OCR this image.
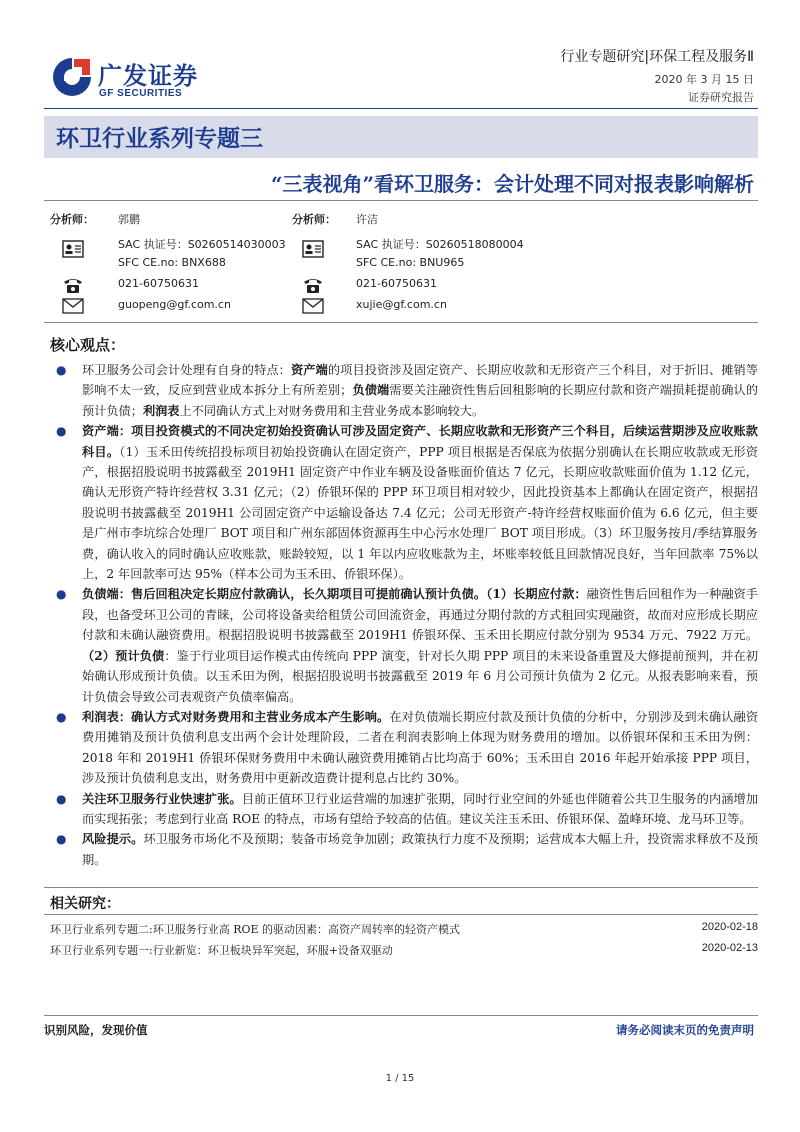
广发证券
GF SECURITIES
行业专题研究|环保工程及服务Ⅱ
2020 年 3 月 15 日
证券研究报告
环卫行业系列专题三
“三表视角”看环卫服务：会计处理不同对报表影响解析
分析师： 郭鹏
SAC 执证号：S0260514030003
SFC CE.no: BNX688
021-60750631
guopeng@gf.com.cn
分析师： 许洁
SAC 执证号：S0260518080004
SFC CE.no: BNU965
021-60750631
xujie@gf.com.cn
核心观点：
● 环卫服务公司会计处理有自身的特点：资产端的项目投资涉及固定资产、长期应收款和无形资产三个科目，对于折旧、摊销等影响不太一致，反应到营业成本拆分上有所差别；负债端需要关注融资性售后回租影响的长期应付款和资产端损耗提前确认的预计负债；利润表上不同确认方式上对财务费用和主营业务成本影响较大。
● 资产端：项目投资模式的不同决定初始投资确认可涉及固定资产、长期应收款和无形资产三个科目，后续运营期涉及应收账款科目。（1）玉禾田传统招投标项目初始投资确认在固定资产，PPP 项目根据是否保底为依据分别确认在长期应收款或无形资产，根据招股说明书披露截至 2019H1 固定资产中作业车辆及设备账面价值达 7 亿元，长期应收款账面价值为 1.12 亿元，确认无形资产特许经营权 3.31 亿元；（2）侨银环保的 PPP 环卫项目相对较少，因此投资基本上都确认在固定资产，根据招股说明书披露截至 2019H1 公司固定资产中运输设备达 7.4 亿元；公司无形资产-特许经营权账面价值为 6.6 亿元，但主要是广州市李坑综合处理厂 BOT 项目和广州东部固体资源再生中心污水处理厂 BOT 项目形成。（3）环卫服务按月/季结算服务费，确认收入的同时确认应收账款，账龄较短，以 1 年以内应收账款为主，坏账率较低且回款情况良好，当年回款率 75%以上，2 年回款率可达 95%（样本公司为玉禾田、侨银环保）。
● 负债端：售后回租决定长期应付款确认，长久期项目可提前确认预计负债。（1）长期应付款：融资性售后回租作为一种融资手段，也备受环卫公司的青睐，公司将设备卖给租赁公司回流资金，再通过分期付款的方式租回实现融资，故而对应形成长期应付款和未确认融资费用。根据招股说明书披露截至 2019H1 侨银环保、玉禾田长期应付款分别为 9534 万元、7922 万元。（2）预计负债：鉴于行业项目运作模式由传统向 PPP 演变，针对长久期 PPP 项目的未来设备重置及大修提前预判，并在初始确认形成预计负债。以玉禾田为例，根据招股说明书披露截至 2019 年 6 月公司预计负债为 2 亿元。从报表影响来看，预计负债会导致公司表观资产负债率偏高。
● 利润表：确认方式对财务费用和主营业务成本产生影响。在对负债端长期应付款及预计负债的分析中，分别涉及到未确认融资费用摊销及预计负债利息支出两个会计处理阶段，二者在利润表影响上体现为财务费用的增加。以侨银环保和玉禾田为例：2018 年和 2019H1 侨银环保财务费用中未确认融资费用摊销占比均高于 60%；玉禾田自 2016 年起开始承接 PPP 项目，涉及预计负债利息支出，财务费用中更新改造费计提利息占比约 30%。
● 关注环卫服务行业快速扩张。目前正值环卫行业运营端的加速扩张期，同时行业空间的外延也伴随着公共卫生服务的内涵增加而实现拓张；考虑到行业高 ROE 的特点，市场有望给予较高的估值。建议关注玉禾田、侨银环保、盈峰环境、龙马环卫等。
● 风险提示。环卫服务市场化不及预期；装备市场竞争加剧；政策执行力度不及预期；运营成本大幅上升，投资需求释放不及预期。
相关研究：
环卫行业系列专题二:环卫服务行业高 ROE 的驱动因素：高资产周转率的轻资产模式	2020-02-18
环卫行业系列专题一:行业新览：环卫板块异军突起，环服+设备双驱动	2020-02-13
识别风险，发现价值	请务必阅读末页的免责声明
1 / 15
